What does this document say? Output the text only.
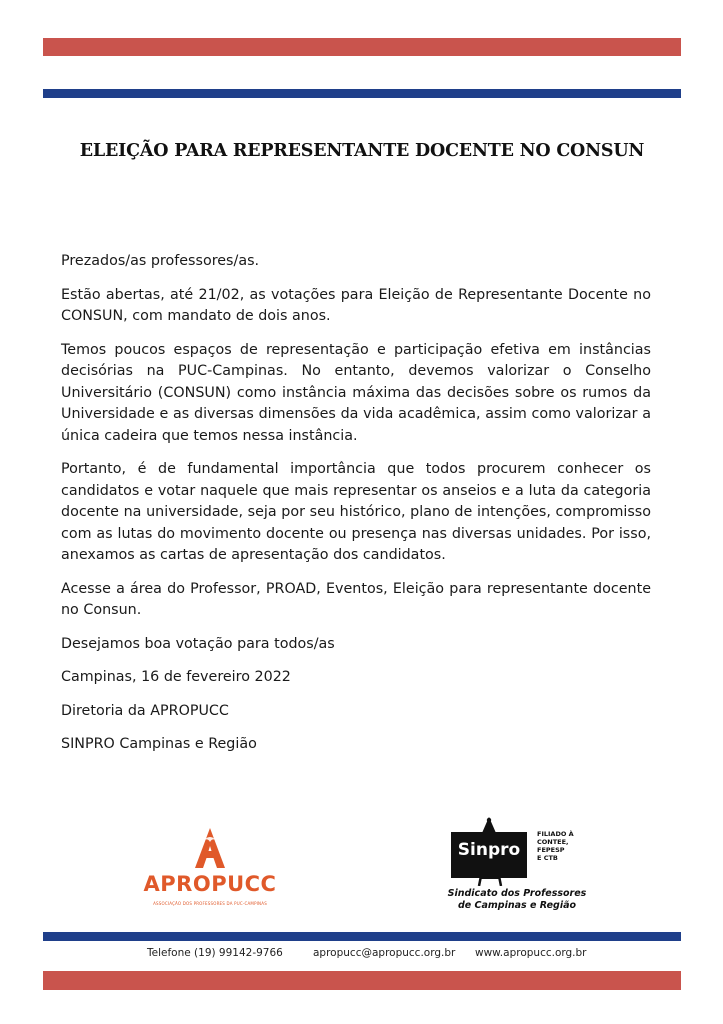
ELEIÇÃO PARA REPRESENTANTE DOCENTE NO CONSUN

Prezados/as professores/as.

Estão abertas, até 21/02, as votações para Eleição de Representante Docente no CONSUN, com mandato de dois anos.

Temos poucos espaços de representação e participação efetiva em instâncias decisórias na PUC-Campinas. No entanto, devemos valorizar o Conselho Universitário (CONSUN) como instância máxima das decisões sobre os rumos da Universidade e as diversas dimensões da vida acadêmica, assim como valorizar a única cadeira que temos nessa instância.

Portanto, é de fundamental importância que todos procurem conhecer os candidatos e votar naquele que mais representar os anseios e a luta da categoria docente na universidade, seja por seu histórico, plano de intenções, compromisso com as lutas do movimento docente ou presença nas diversas unidades. Por isso, anexamos as cartas de apresentação dos candidatos.

Acesse a área do Professor, PROAD, Eventos, Eleição para representante docente no Consun.

Desejamos boa votação para todos/as

Campinas, 16 de fevereiro 2022

Diretoria da APROPUCC

SINPRO Campinas e Região

APROPUCC
ASSOCIAÇÃO DOS PROFESSORES DA PUC-CAMPINAS
Sinpro
FILIADO À
CONTEE,
FEPESP
E CTB
Sindicato dos Professores
de Campinas e Região
Telefone (19) 99142-9766	apropucc@apropucc.org.br www.apropucc.org.br
